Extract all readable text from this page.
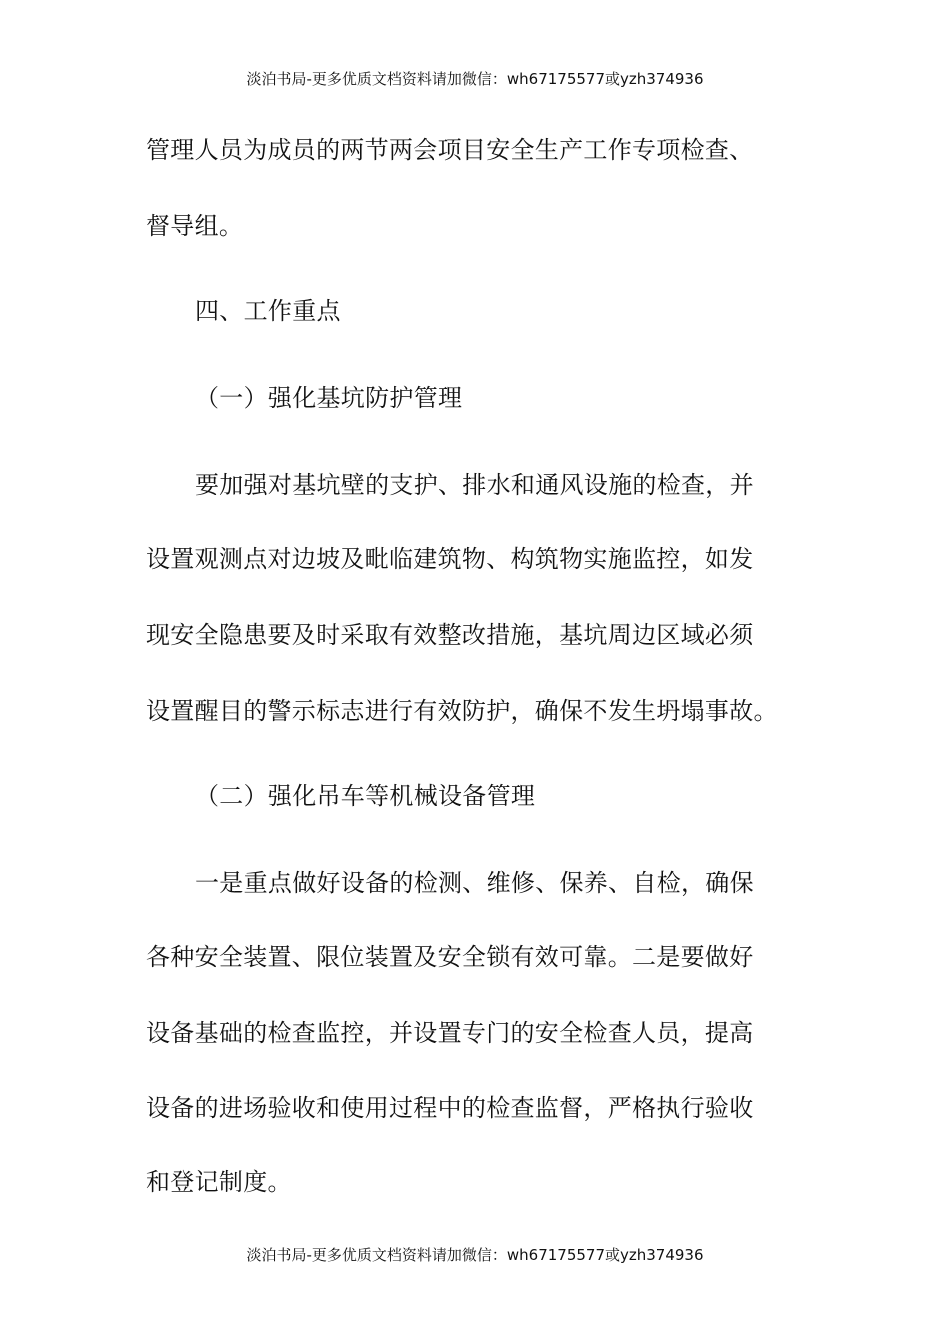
淡泊书局-更多优质文档资料请加微信：wh67175577或yzh374936
管理人员为成员的两节两会项目安全生产工作专项检查、
督导组。
四、工作重点
（一）强化基坑防护管理
要加强对基坑壁的支护、排水和通风设施的检查，并
设置观测点对边坡及毗临建筑物、构筑物实施监控，如发
现安全隐患要及时采取有效整改措施，基坑周边区域必须
设置醒目的警示标志进行有效防护，确保不发生坍塌事故。
（二）强化吊车等机械设备管理
一是重点做好设备的检测、维修、保养、自检，确保
各种安全装置、限位装置及安全锁有效可靠。二是要做好
设备基础的检查监控，并设置专门的安全检查人员，提高
设备的进场验收和使用过程中的检查监督，严格执行验收
和登记制度。
淡泊书局-更多优质文档资料请加微信：wh67175577或yzh374936
